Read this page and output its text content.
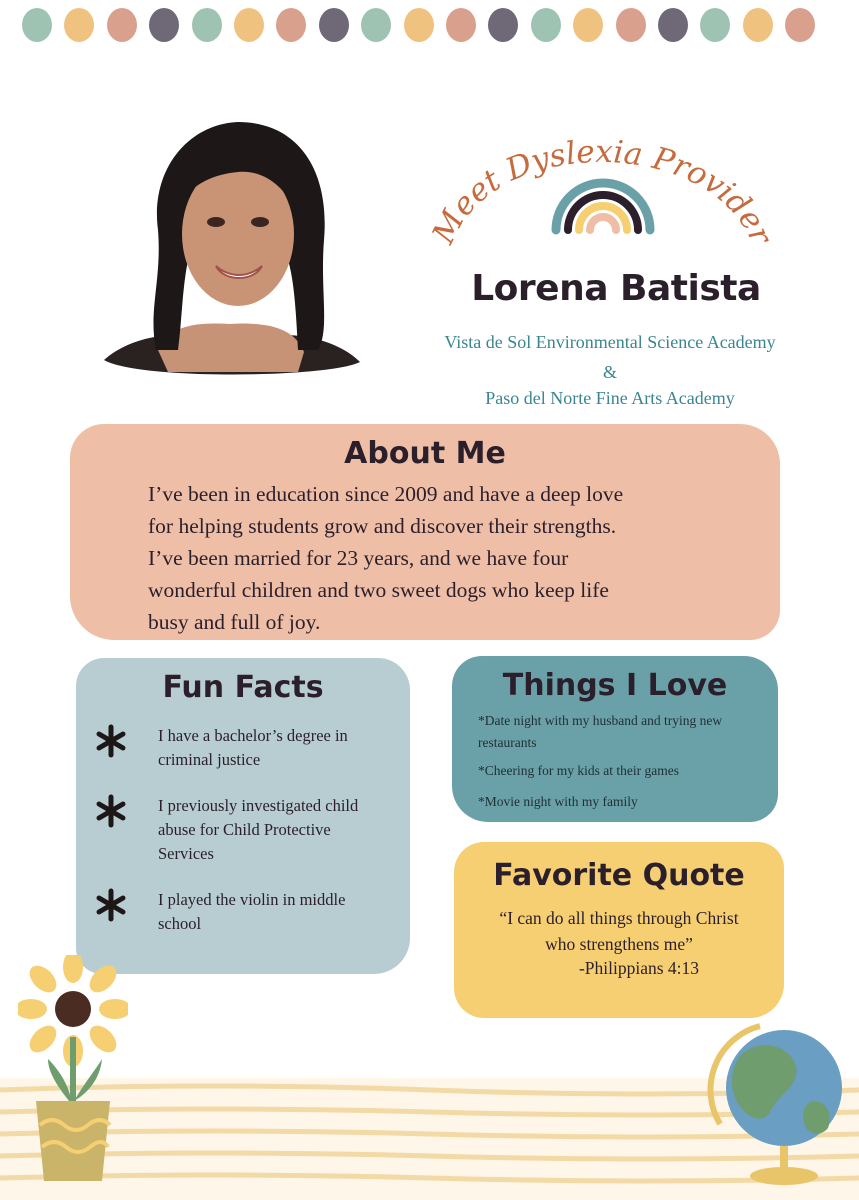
Meet Dyslexia Provider
Lorena Batista
Vista de Sol Environmental Science Academy
&
Paso del Norte Fine Arts Academy
About Me

I’ve been in education since 2009 and have a deep love
for helping students grow and discover their strengths.
I’ve been married for 23 years, and we have four
wonderful children and two sweet dogs who keep life
busy and full of joy.

Fun Facts
I have a bachelor’s degree in
criminal justice
I previously investigated child
abuse for Child Protective
Services
I played the violin in middle
school
Things I Love
*Date night with my husband and trying new
restaurants
*Cheering for my kids at their games
*Movie night with my family
Favorite Quote
“I can do all things through Christ
who strengthens me”
-Philippians 4:13
